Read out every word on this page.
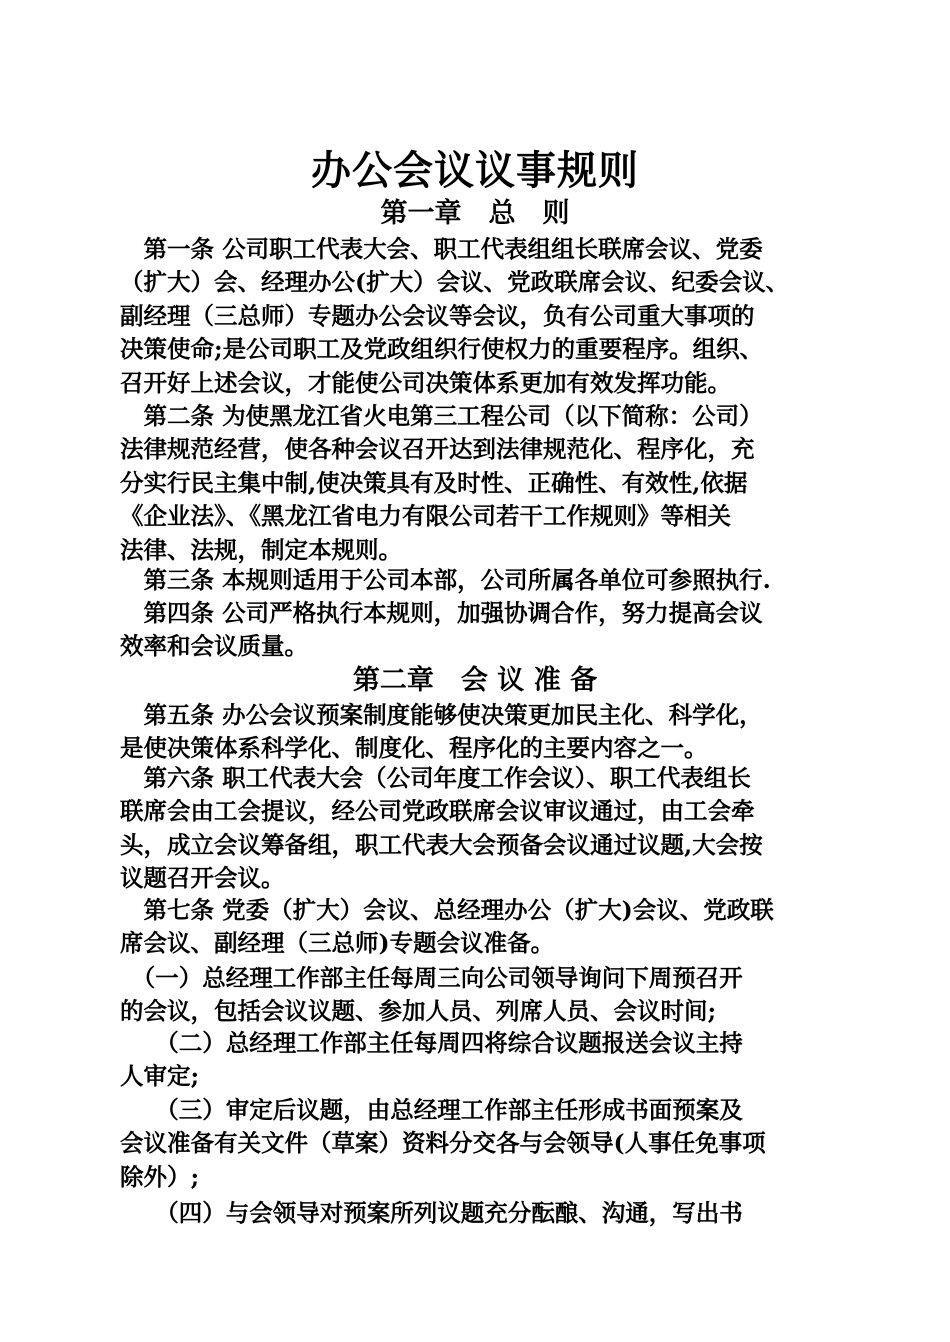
办公会议议事规则
第一章　总　则
　第一条 公司职工代表大会、职工代表组组长联席会议、党委
（扩大）会、经理办公(扩大）会议、党政联席会议、纪委会议、
副经理（三总师）专题办公会议等会议，负有公司重大事项的
决策使命;是公司职工及党政组织行使权力的重要程序。组织、
召开好上述会议，才能使公司决策体系更加有效发挥功能。
　第二条 为使黑龙江省火电第三工程公司（以下简称：公司）
法律规范经营，使各种会议召开达到法律规范化、程序化，充
分实行民主集中制,使决策具有及时性、正确性、有效性,依据
《企业法》、《黑龙江省电力有限公司若干工作规则》等相关
法律、法规，制定本规则。
　第三条 本规则适用于公司本部，公司所属各单位可参照执行.
　第四条 公司严格执行本规则，加强协调合作，努力提高会议
效率和会议质量。
第二章　会 议 准 备
　第五条 办公会议预案制度能够使决策更加民主化、科学化，
是使决策体系科学化、制度化、程序化的主要内容之一。
　第六条 职工代表大会（公司年度工作会议）、职工代表组长
联席会由工会提议，经公司党政联席会议审议通过，由工会牵
头，成立会议筹备组，职工代表大会预备会议通过议题,大会按
议题召开会议。
　第七条 党委（扩大）会议、总经理办公（扩大)会议、党政联
席会议、副经理（三总师)专题会议准备。
　（一）总经理工作部主任每周三向公司领导询问下周预召开
的会议，包括会议议题、参加人员、列席人员、会议时间;
　　（二）总经理工作部主任每周四将综合议题报送会议主持
人审定;
　　（三）审定后议题，由总经理工作部主任形成书面预案及
会议准备有关文件（草案）资料分交各与会领导(人事任免事项
除外）;
　　（四）与会领导对预案所列议题充分酝酿、沟通，写出书
